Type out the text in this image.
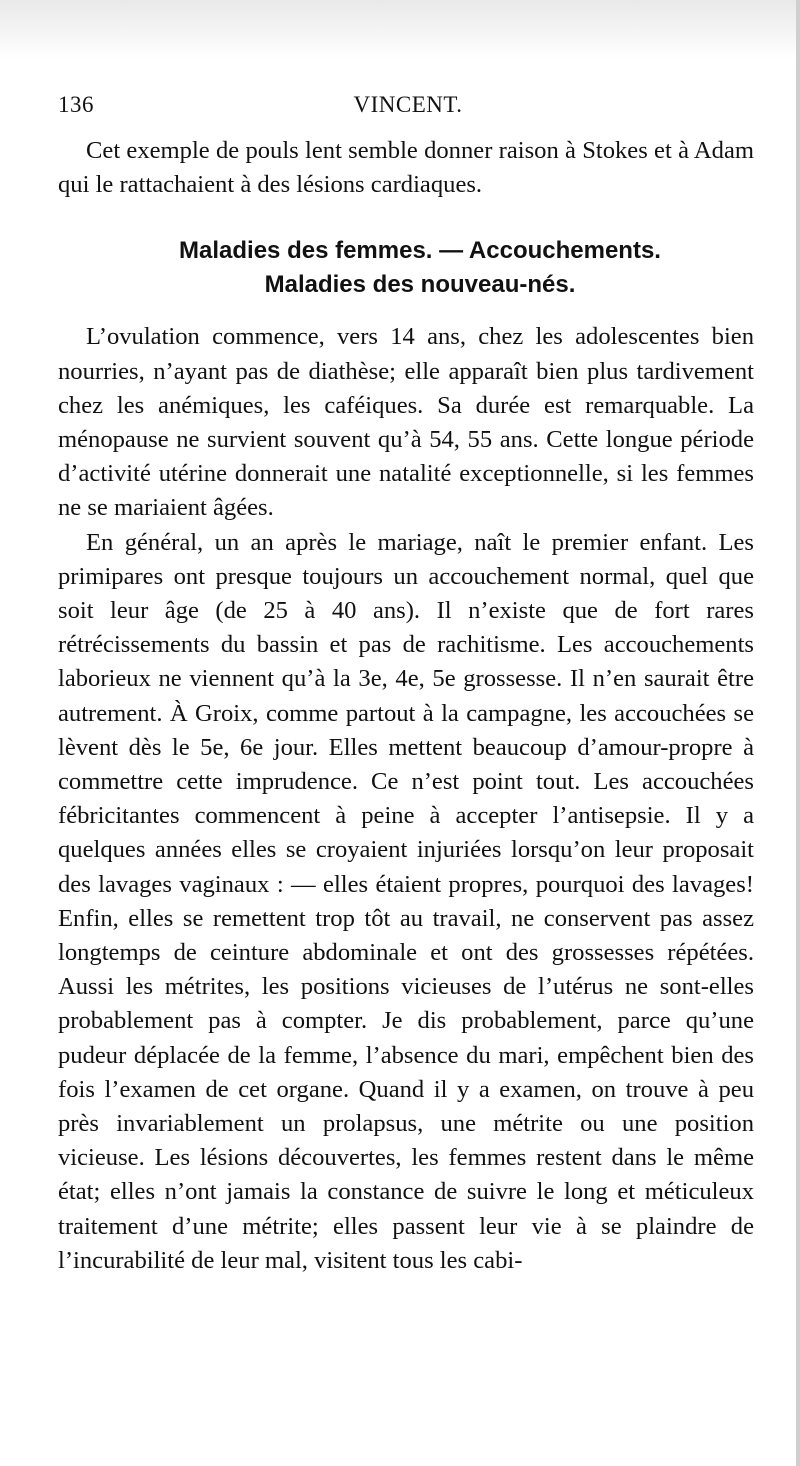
136	VINCENT.

Cet exemple de pouls lent semble donner raison à Stokes et à Adam qui le rattachaient à des lésions cardiaques.

Maladies des femmes. — Accouchements.

Maladies des nouveau-nés.

L’ovulation commence, vers 14 ans, chez les adolescentes bien nourries, n’ayant pas de diathèse; elle apparaît bien plus tardivement chez les anémiques, les caféiques. Sa durée est remarquable. La ménopause ne survient souvent qu’à 54, 55 ans. Cette longue période d’activité utérine donnerait une natalité exceptionnelle, si les femmes ne se mariaient âgées.

En général, un an après le mariage, naît le premier enfant. Les primipares ont presque toujours un accouchement normal, quel que soit leur âge (de 25 à 40 ans). Il n’existe que de fort rares rétrécissements du bassin et pas de rachitisme. Les accouchements laborieux ne viennent qu’à la 3e, 4e, 5e grossesse. Il n’en saurait être autrement. À Groix, comme partout à la campagne, les accouchées se lèvent dès le 5e, 6e jour. Elles mettent beaucoup d’amour-propre à commettre cette imprudence. Ce n’est point tout. Les accouchées fébricitantes commencent à peine à accepter l’antisepsie. Il y a quelques années elles se croyaient injuriées lorsqu’on leur proposait des lavages vaginaux : — elles étaient propres, pourquoi des lavages! Enfin, elles se remettent trop tôt au travail, ne conservent pas assez longtemps de ceinture abdominale et ont des grossesses répétées. Aussi les métrites, les positions vicieuses de l’utérus ne sont-elles probablement pas à compter. Je dis probablement, parce qu’une pudeur déplacée de la femme, l’absence du mari, empêchent bien des fois l’examen de cet organe. Quand il y a examen, on trouve à peu près invariablement un prolapsus, une métrite ou une position vicieuse. Les lésions découvertes, les femmes restent dans le même état; elles n’ont jamais la constance de suivre le long et méticuleux traitement d’une métrite; elles passent leur vie à se plaindre de l’incurabilité de leur mal, visitent tous les cabi-
